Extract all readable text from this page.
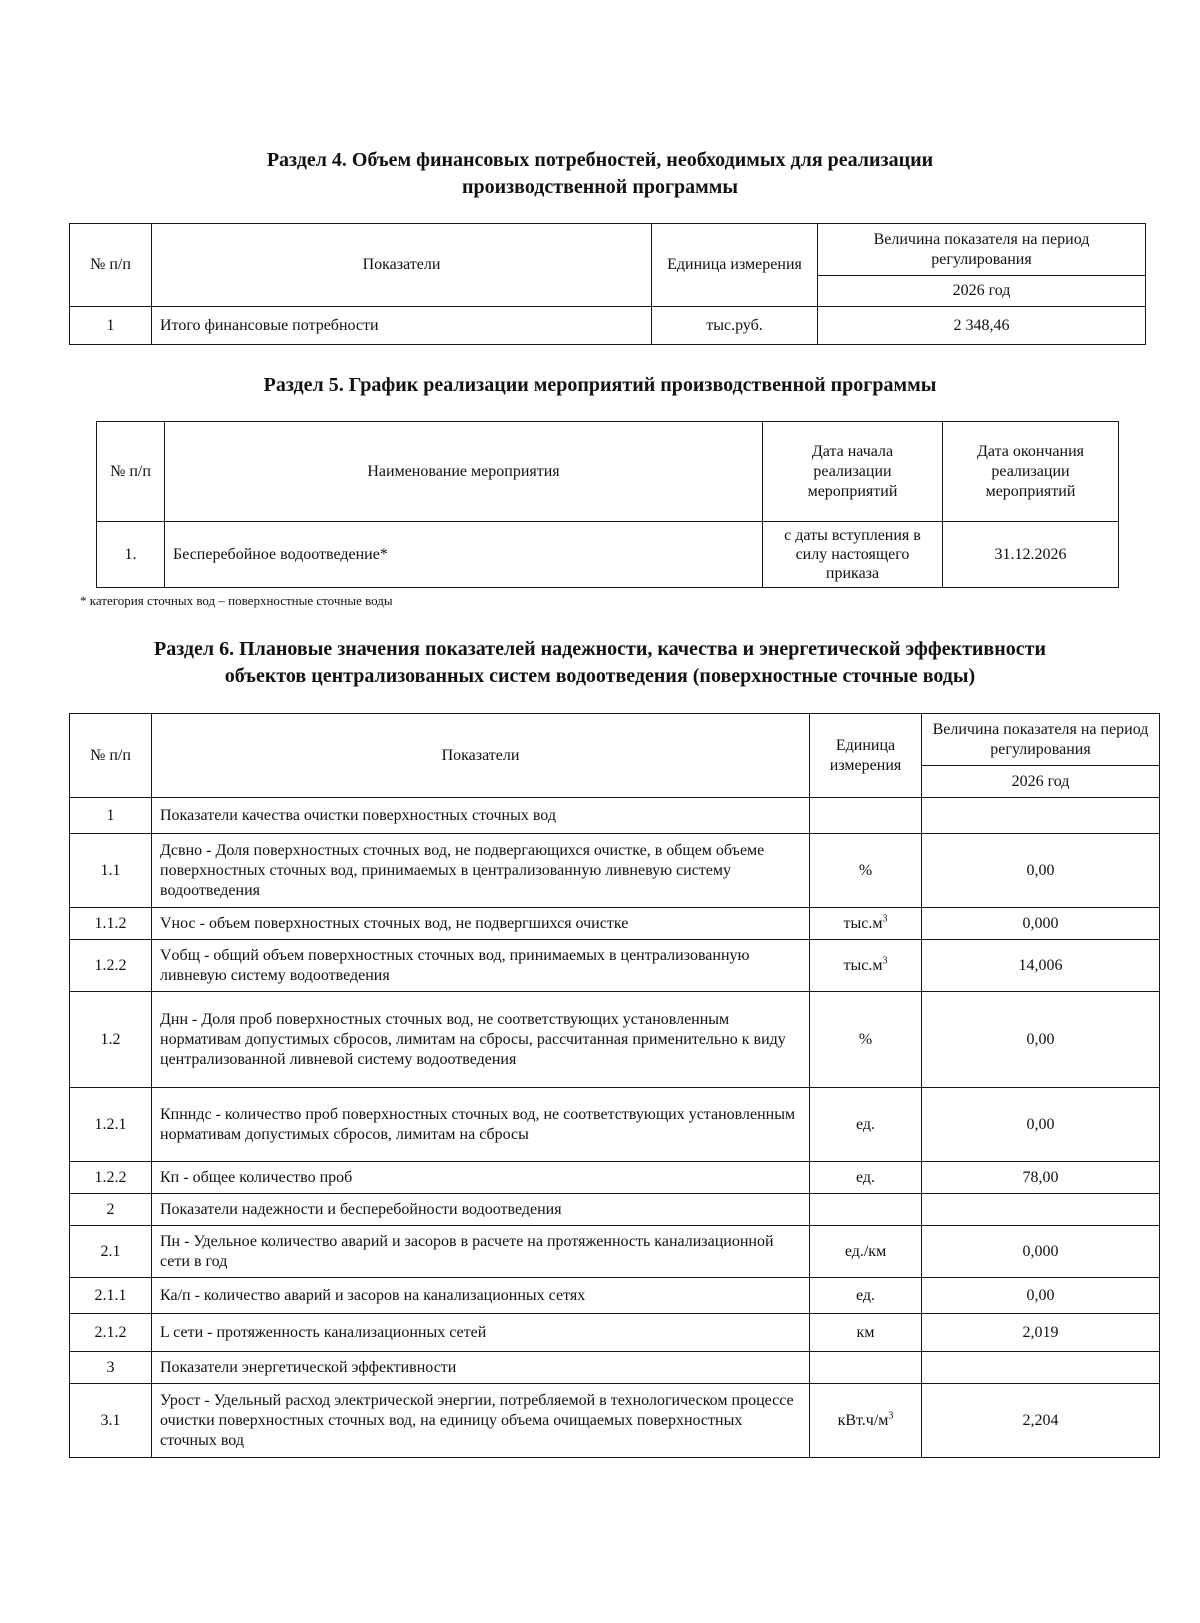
Раздел 4. Объем финансовых потребностей, необходимых для реализации
производственной программы
№ п/п	Показатели	Единица измерения	Величина показателя на период регулирования
			2026 год
1	Итого финансовые потребности	тыс.руб.	2 348,46
Раздел 5. График реализации мероприятий производственной программы
№ п/п	Наименование мероприятия	Дата начала реализации мероприятий	Дата окончания реализации мероприятий
1.	Бесперебойное водоотведение*	с даты вступления в силу настоящего приказа	31.12.2026
* категория сточных вод – поверхностные сточные воды
Раздел 6. Плановые значения показателей надежности, качества и энергетической эффективности
объектов централизованных систем водоотведения (поверхностные сточные воды)
№ п/п	Показатели	Единица измерения	Величина показателя на период регулирования
			2026 год
1	Показатели качества очистки поверхностных сточных вод		
1.1	Дсвно - Доля поверхностных сточных вод, не подвергающихся очистке, в общем объеме поверхностных сточных вод, принимаемых в централизованную ливневую систему водоотведения	%	0,00
1.1.2	Vнос - объем поверхностных сточных вод, не подвергшихся очистке	$тыс.м^3$	0,000
1.2.2	Vобщ - общий объем поверхностных сточных вод, принимаемых в централизованную ливневую систему водоотведения	$тыс.м^3$	14,006
1.2	Днн - Доля проб поверхностных сточных вод, не соответствующих установленным нормативам допустимых сбросов, лимитам на сбросы, рассчитанная применительно к виду централизованной ливневой систему водоотведения	%	0,00
1.2.1	Кпнндс - количество проб поверхностных сточных вод, не соответствующих установленным нормативам допустимых сбросов, лимитам на сбросы	ед.	0,00
1.2.2	Кп - общее количество проб	ед.	78,00
2	Показатели надежности и бесперебойности водоотведения		
2.1	Пн - Удельное количество аварий и засоров в расчете на протяженность канализационной сети в год	ед./км	0,000
2.1.1	Ка/п - количество аварий и засоров на канализационных сетях	ед.	0,00
2.1.2	L сети - протяженность канализационных сетей	км	2,019
3	Показатели энергетической эффективности		
3.1	Урост - Удельный расход электрической энергии, потребляемой в технологическом процессе очистки поверхностных сточных вод, на единицу объема очищаемых поверхностных сточных вод	$кВт.ч/м^3$	2,204
